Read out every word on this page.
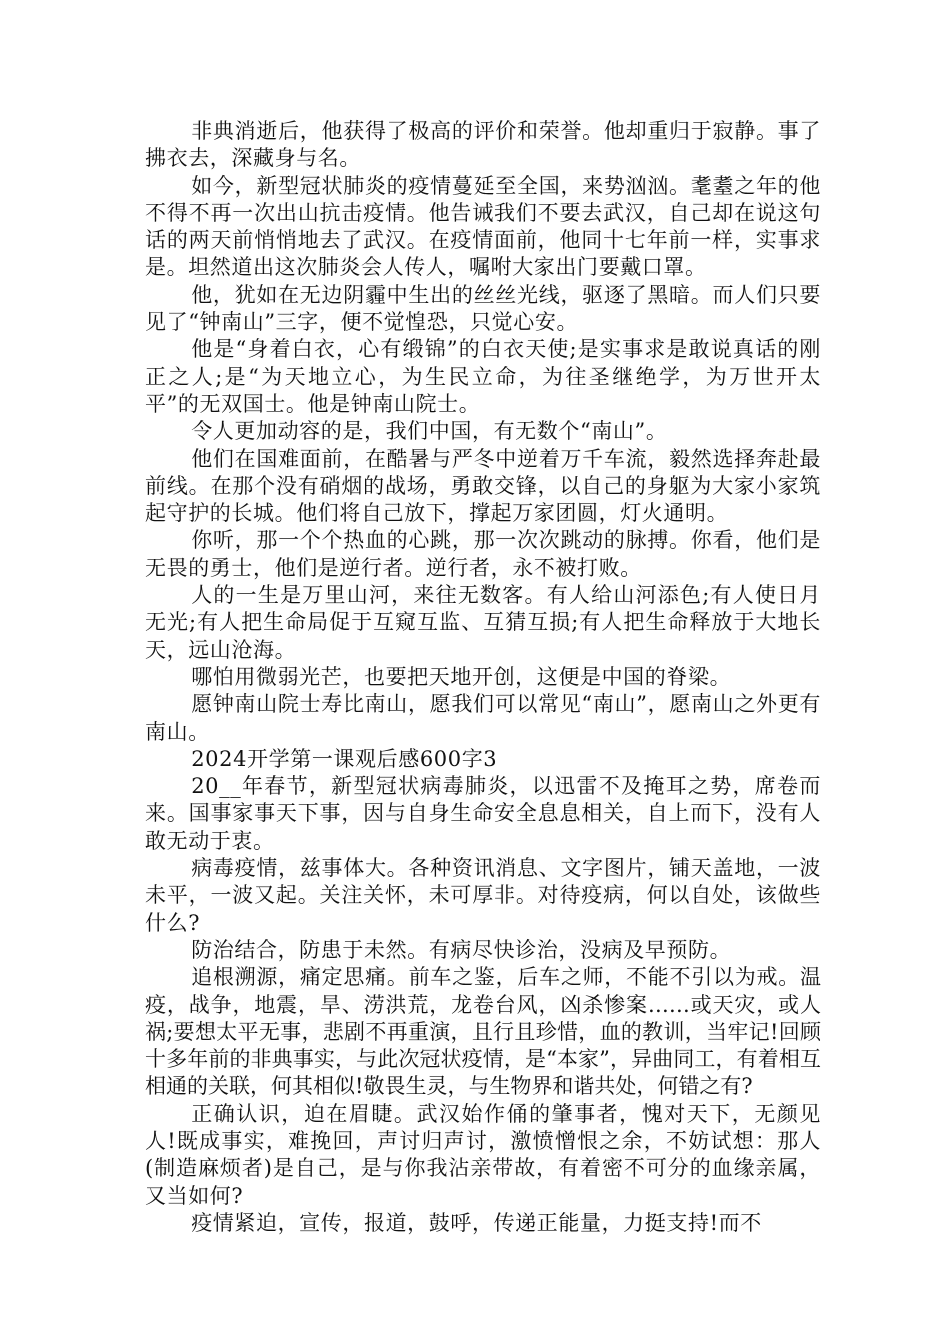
非典消逝后，他获得了极高的评价和荣誉。他却重归于寂静。事了拂衣去，深藏身与名。

如今，新型冠状肺炎的疫情蔓延至全国，来势汹汹。耄耋之年的他不得不再一次出山抗击疫情。他告诫我们不要去武汉，自己却在说这句话的两天前悄悄地去了武汉。在疫情面前，他同十七年前一样，实事求是。坦然道出这次肺炎会人传人，嘱咐大家出门要戴口罩。

他，犹如在无边阴霾中生出的丝丝光线，驱逐了黑暗。而人们只要见了“钟南山”三字，便不觉惶恐，只觉心安。

他是“身着白衣，心有缎锦”的白衣天使;是实事求是敢说真话的刚正之人;是“为天地立心，为生民立命，为往圣继绝学，为万世开太平”的无双国士。他是钟南山院士。

令人更加动容的是，我们中国，有无数个“南山”。

他们在国难面前，在酷暑与严冬中逆着万千车流，毅然选择奔赴最前线。在那个没有硝烟的战场，勇敢交锋，以自己的身躯为大家小家筑起守护的长城。他们将自己放下，撑起万家团圆，灯火通明。

你听，那一个个热血的心跳，那一次次跳动的脉搏。你看，他们是无畏的勇士，他们是逆行者。逆行者，永不被打败。

人的一生是万里山河，来往无数客。有人给山河添色;有人使日月无光;有人把生命局促于互窥互监、互猜互损;有人把生命释放于大地长天，远山沧海。

哪怕用微弱光芒，也要把天地开创，这便是中国的脊梁。

愿钟南山院士寿比南山，愿我们可以常见“南山”，愿南山之外更有南山。

2024开学第一课观后感600字3

20__年春节，新型冠状病毒肺炎，以迅雷不及掩耳之势，席卷而来。国事家事天下事，因与自身生命安全息息相关，自上而下，没有人敢无动于衷。

病毒疫情，兹事体大。各种资讯消息、文字图片，铺天盖地，一波未平，一波又起。关注关怀，未可厚非。对待疫病，何以自处，该做些什么?

防治结合，防患于未然。有病尽快诊治，没病及早预防。

追根溯源，痛定思痛。前车之鉴，后车之师，不能不引以为戒。温疫，战争，地震，旱、涝洪荒，龙卷台风，凶杀惨案……或天灾，或人祸;要想太平无事，悲剧不再重演，且行且珍惜，血的教训，当牢记!回顾十多年前的非典事实，与此次冠状疫情，是“本家”，异曲同工，有着相互相通的关联，何其相似!敬畏生灵，与生物界和谐共处，何错之有?

正确认识，迫在眉睫。武汉始作俑的肇事者，愧对天下，无颜见人!既成事实，难挽回，声讨归声讨，激愤憎恨之余，不妨试想：那人(制造麻烦者)是自己，是与你我沾亲带故，有着密不可分的血缘亲属，又当如何?

疫情紧迫，宣传，报道，鼓呼，传递正能量，力挺支持!而不
